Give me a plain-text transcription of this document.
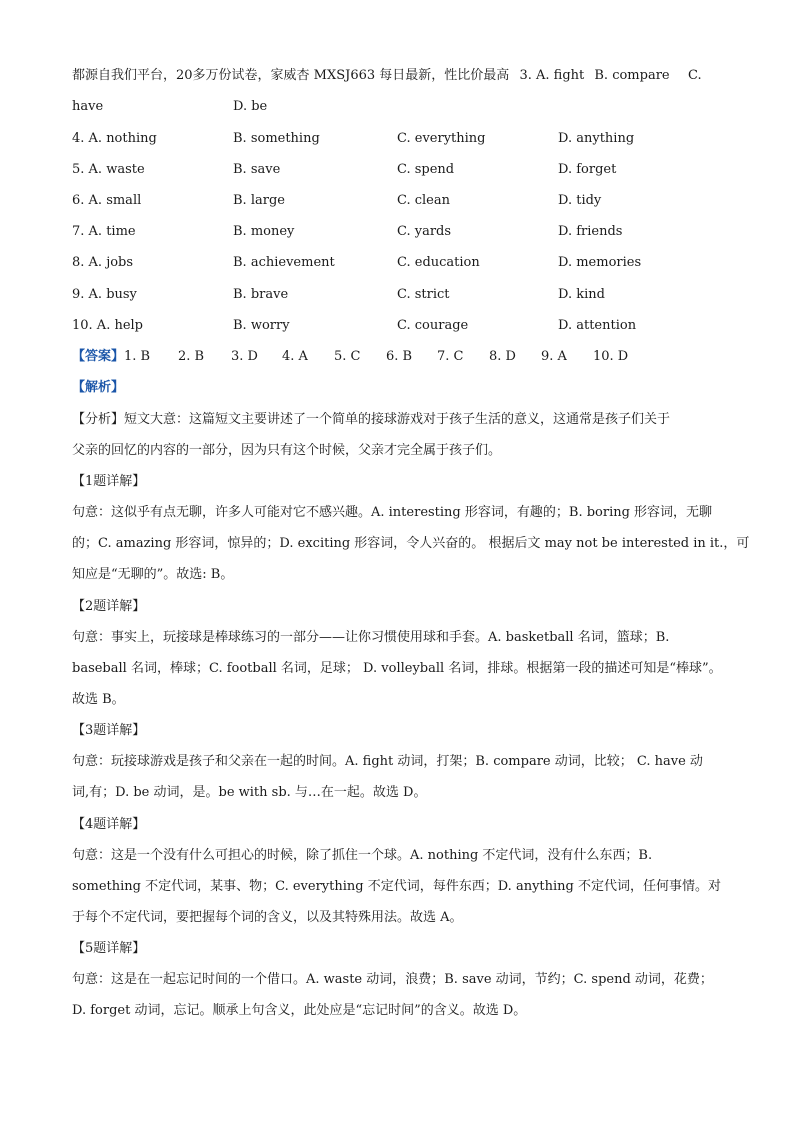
都源自我们平台，20多万份试卷，家威杏 MXSJ663 每日最新，性比价最高 3. A. fight B. compare C.
have	D. be
4. A. nothing	B. something	C. everything	D. anything
5. A. waste	B. save	C. spend	D. forget
6. A. small	B. large	C. clean	D. tidy
7. A. time	B. money	C. yards	D. friends
8. A. jobs	B. achievement	C. education	D. memories
9. A. busy	B. brave	C. strict	D. kind
10. A. help	B. worry	C. courage	D. attention
【答案】 1. B 2. B 3. D 4. A 5. C 6. B 7. C 8. D 9. A 10. D
【解析】
【分析】短文大意：这篇短文主要讲述了一个简单的接球游戏对于孩子生活的意义，这通常是孩子们关于
父亲的回忆的内容的一部分，因为只有这个时候，父亲才完全属于孩子们。
【1题详解】
句意：这似乎有点无聊，许多人可能对它不感兴趣。A. interesting 形容词，有趣的；B. boring 形容词，无聊
的；C. amazing 形容词，惊异的；D. exciting 形容词，令人兴奋的。 根据后文 may not be interested in it.，可
知应是“无聊的”。故选: B。
【2题详解】
句意：事实上，玩接球是棒球练习的一部分——让你习惯使用球和手套。A. basketball 名词，篮球；B.
baseball 名词，棒球；C. football 名词，足球； D. volleyball 名词，排球。根据第一段的描述可知是“棒球”。
故选 B。
【3题详解】
句意：玩接球游戏是孩子和父亲在一起的时间。A. fight 动词，打架；B. compare 动词，比较； C. have 动
词,有；D. be 动词，是。be with sb. 与…在一起。故选 D。
【4题详解】
句意：这是一个没有什么可担心的时候，除了抓住一个球。A. nothing 不定代词，没有什么东西；B.
something 不定代词，某事、物；C. everything 不定代词，每件东西；D. anything 不定代词，任何事情。对
于每个不定代词，要把握每个词的含义，以及其特殊用法。故选 A。
【5题详解】
句意：这是在一起忘记时间的一个借口。A. waste 动词，浪费；B. save 动词，节约；C. spend 动词，花费；
D. forget 动词，忘记。顺承上句含义，此处应是“忘记时间”的含义。故选 D。
